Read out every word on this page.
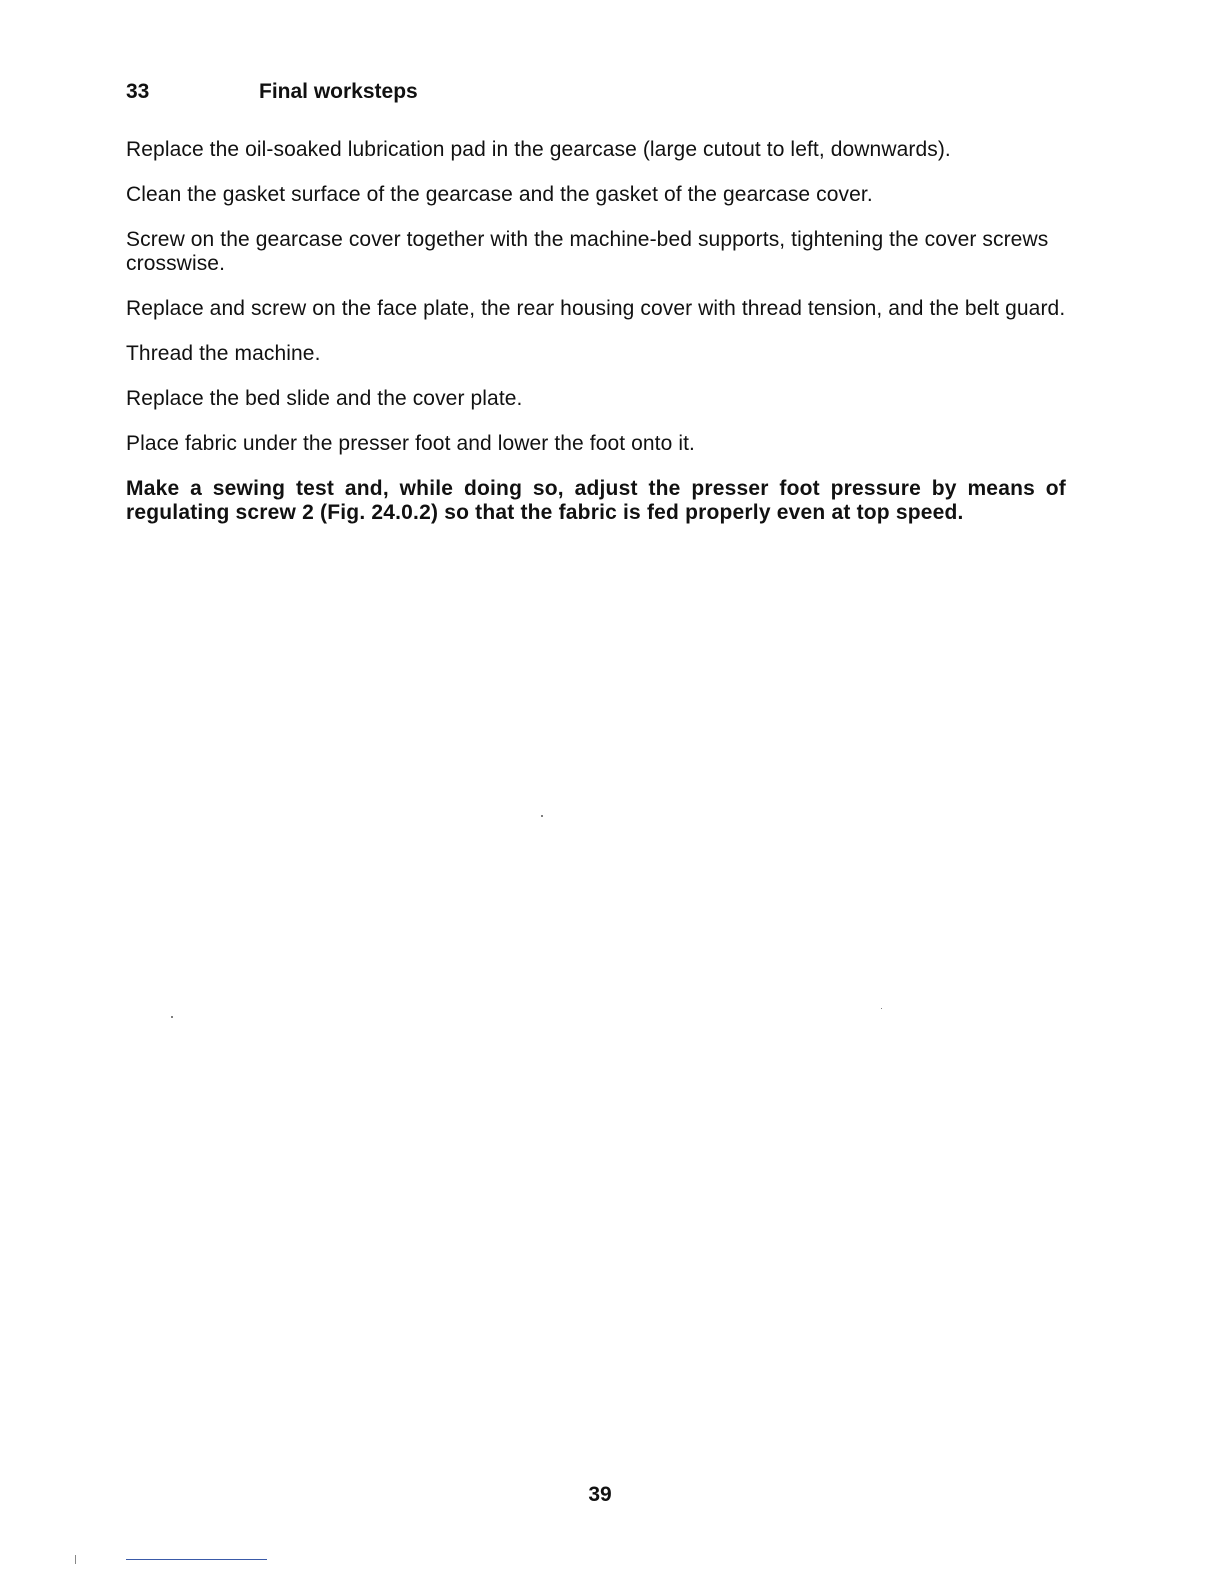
33	Final worksteps

Replace the oil-soaked lubrication pad in the gearcase (large cutout to left, downwards).

Clean the gasket surface of the gearcase and the gasket of the gearcase cover.

Screw on the gearcase cover together with the machine-bed supports, tightening the cover screws crosswise.

Replace and screw on the face plate, the rear housing cover with thread tension, and the belt guard.

Thread the machine.

Replace the bed slide and the cover plate.

Place fabric under the presser foot and lower the foot onto it.

Make a sewing test and, while doing so, adjust the presser foot pressure by means of regulating screw 2 (Fig. 24.0.2) so that the fabric is fed properly even at top speed.

39
